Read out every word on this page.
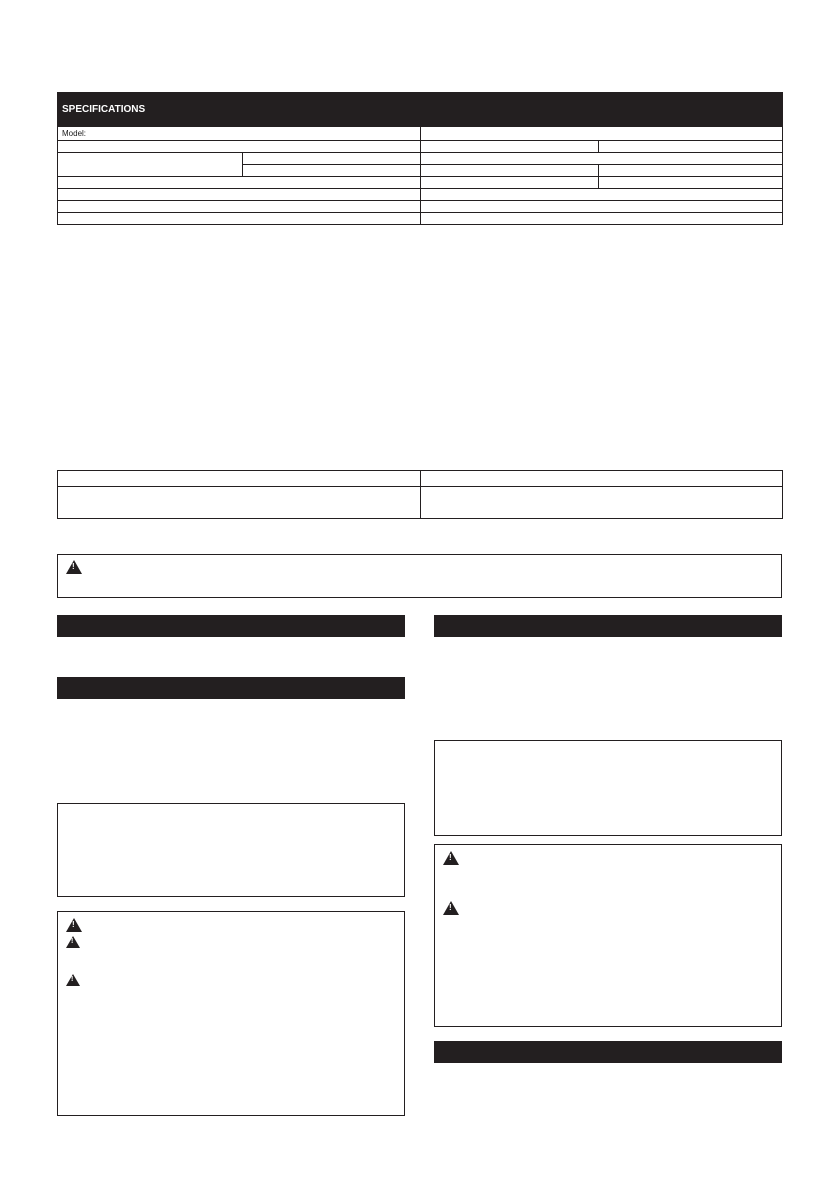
SPECIFICATIONS			
Model:			

!
!
!
!
!
!
